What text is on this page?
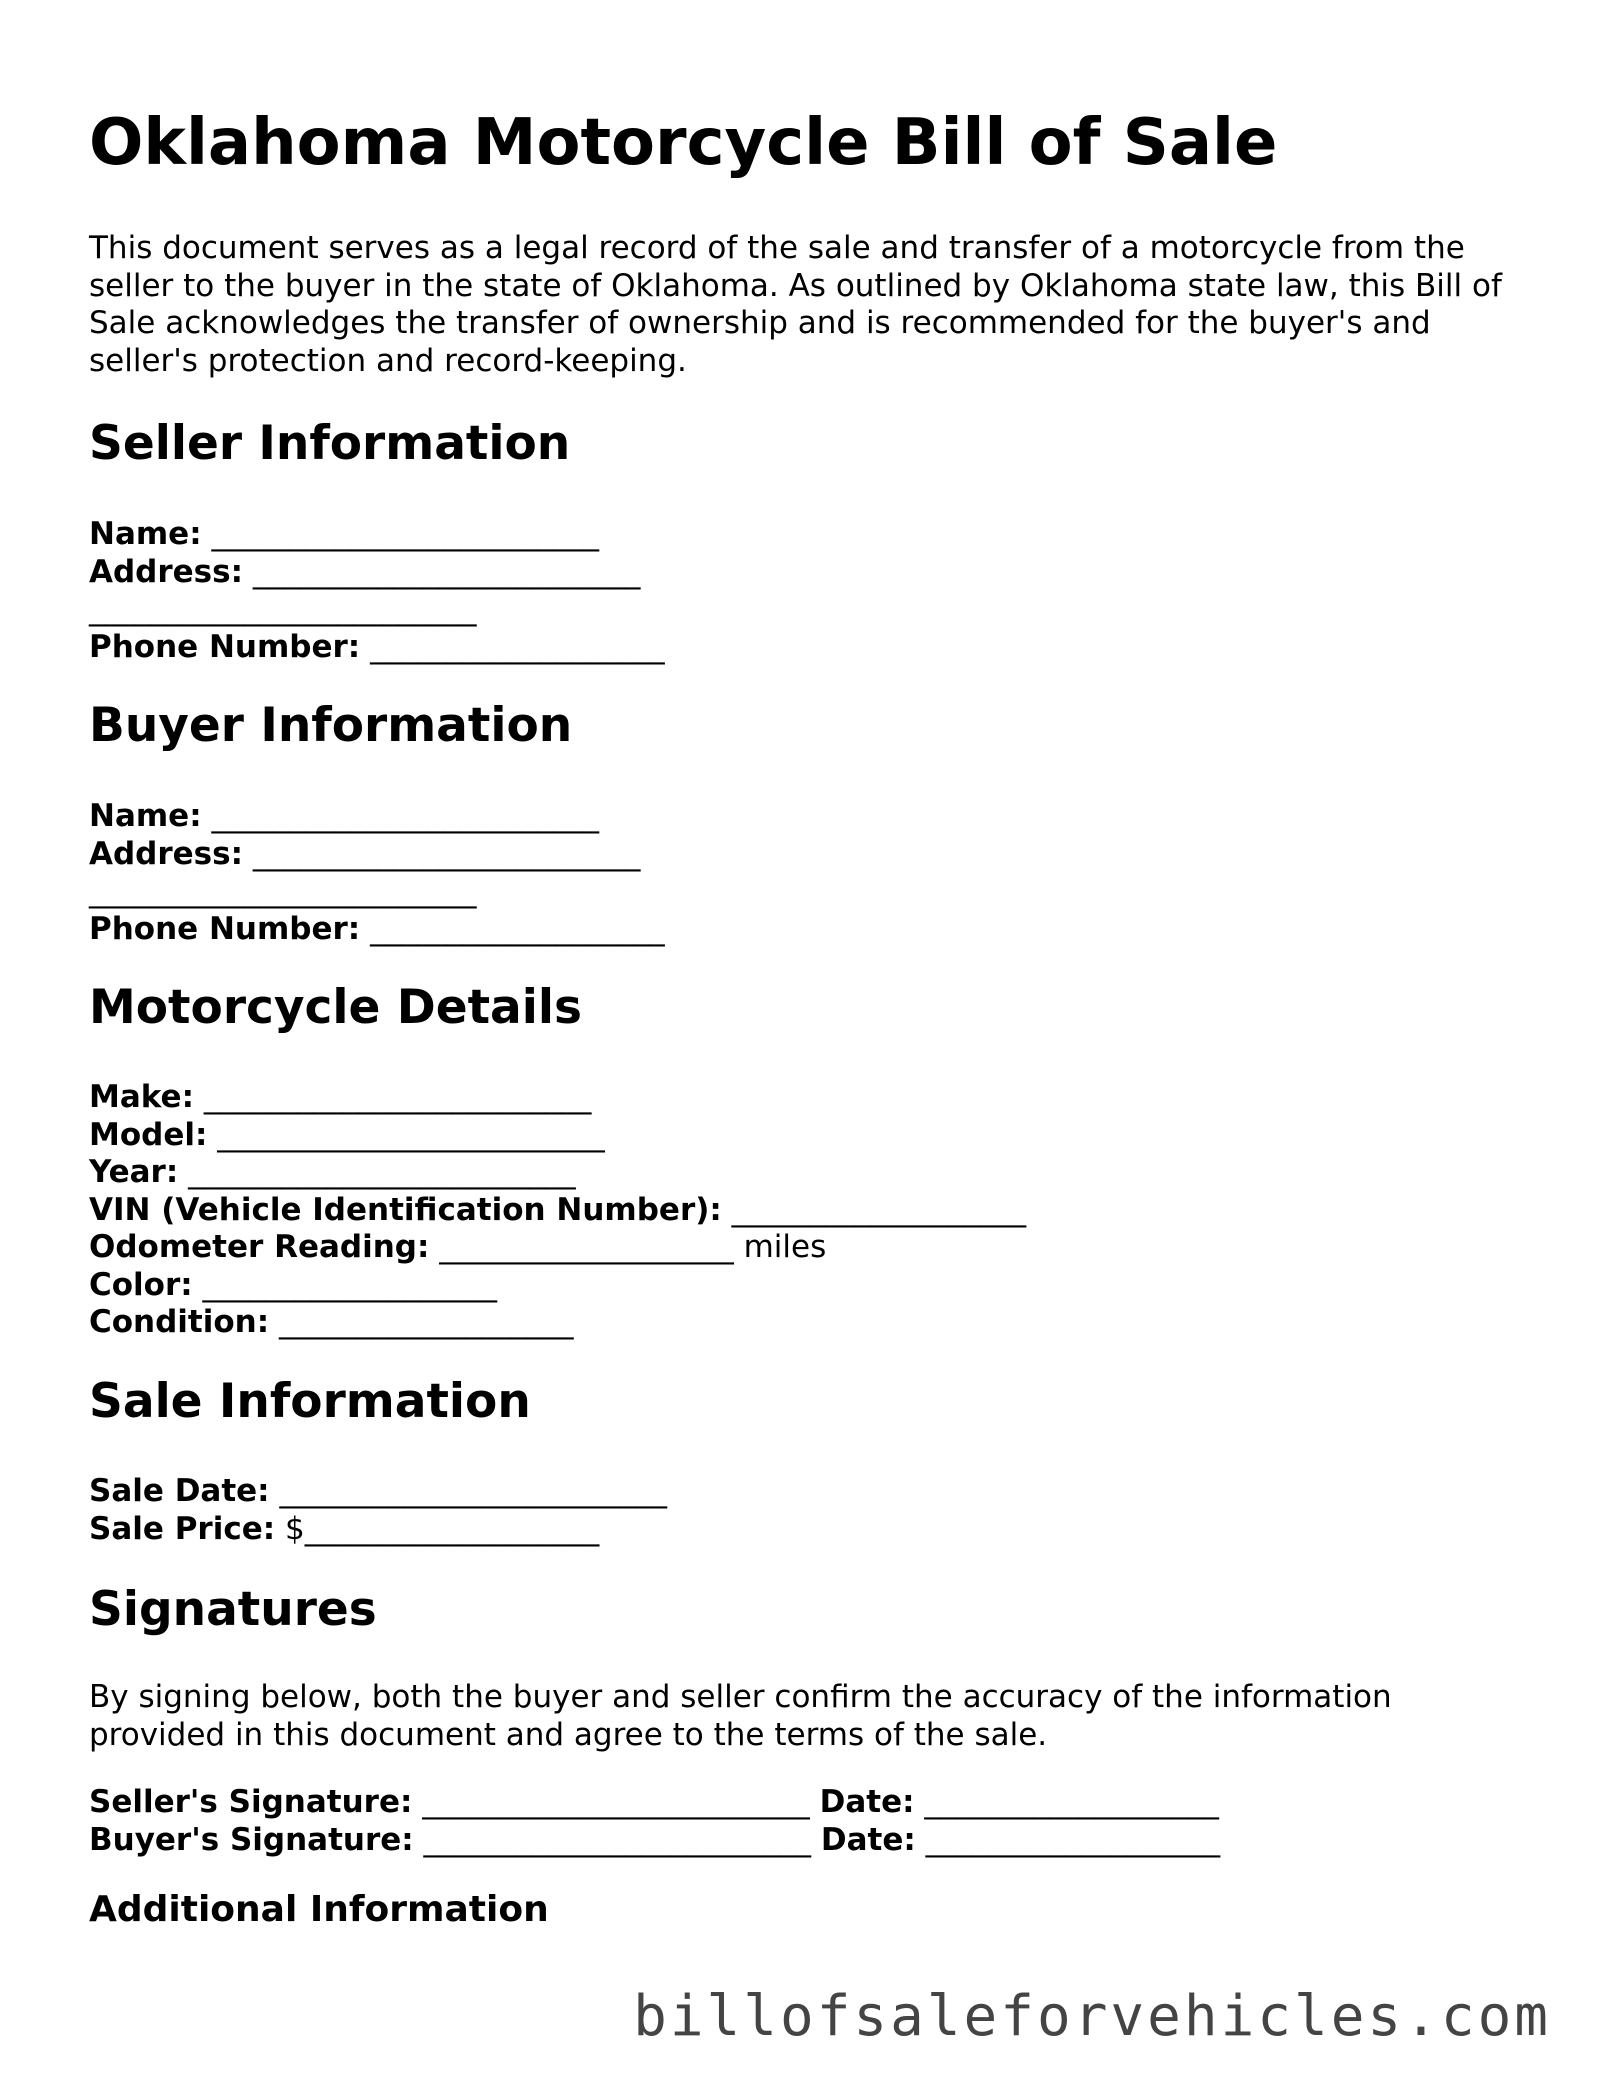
Oklahoma Motorcycle Bill of Sale

This document serves as a legal record of the sale and transfer of a motorcycle from the seller to the buyer in the state of Oklahoma. As outlined by Oklahoma state law, this Bill of Sale acknowledges the transfer of ownership and is recommended for the buyer's and seller's protection and record-keeping.

Seller Information
Name: _________________________
Address: _________________________
_________________________
Phone Number: ___________________
Buyer Information
Name: _________________________
Address: _________________________
_________________________
Phone Number: ___________________
Motorcycle Details
Make: _________________________
Model: _________________________
Year: _________________________
VIN (Vehicle Identification Number): ___________________
Odometer Reading: ___________________ miles
Color: ___________________
Condition: ___________________
Sale Information
Sale Date: _________________________
Sale Price: $___________________
Signatures

By signing below, both the buyer and seller confirm the accuracy of the information provided in this document and agree to the terms of the sale.

Seller's Signature: _________________________ Date: ___________________
Buyer's Signature: _________________________ Date: ___________________
Additional Information
billofsaleforvehicles.com
